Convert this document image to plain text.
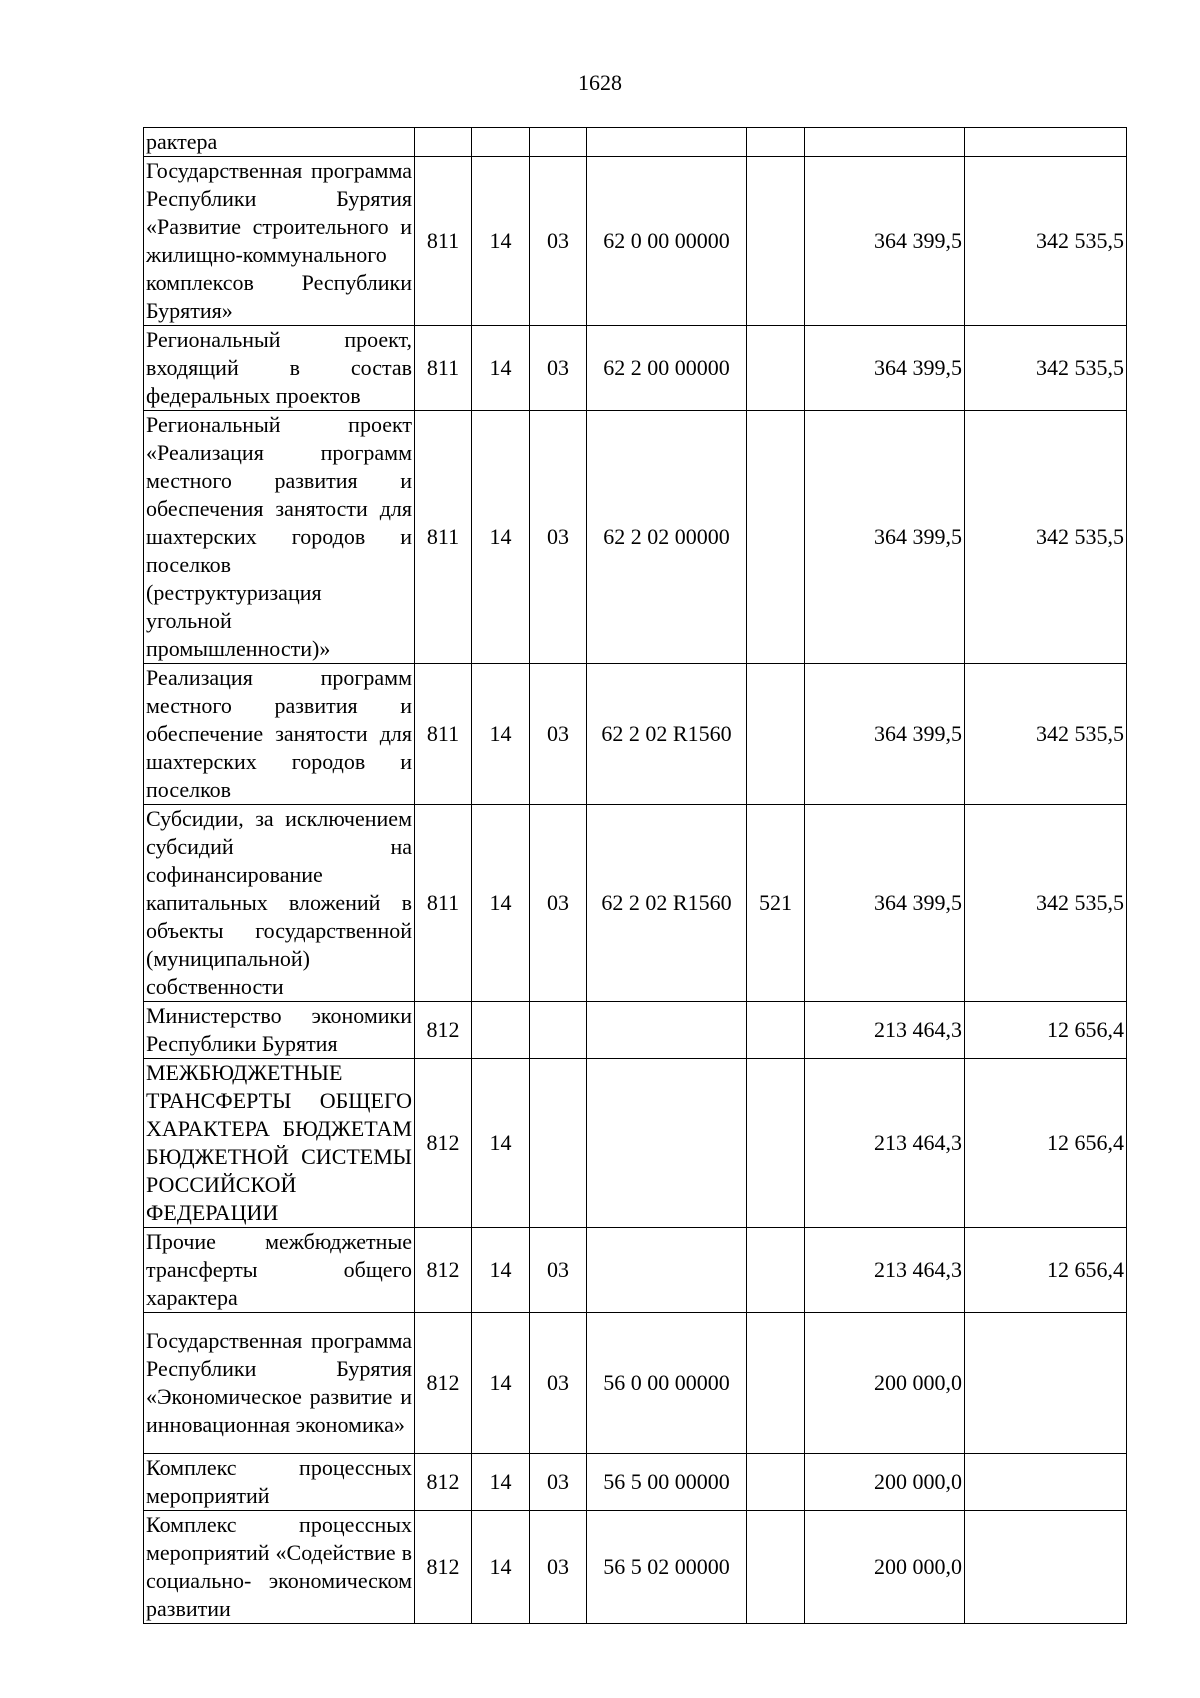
1628
рактера							
Государственная программа Республики Бурятия «Развитие строительного и жилищно-коммунального комплексов Республики Бурятия»	811	14	03	62 0 00 00000		364 399,5	342 535,5
Региональный проект, входящий в состав федеральных проектов	811	14	03	62 2 00 00000		364 399,5	342 535,5
Региональный проект «Реализация программ местного развития и обеспечения занятости для шахтерских городов и поселков (реструктуризация угольной промышленности)»	811	14	03	62 2 02 00000		364 399,5	342 535,5
Реализация программ местного развития и обеспечение занятости для шахтерских городов и поселков	811	14	03	62 2 02 R1560		364 399,5	342 535,5
Субсидии, за исключением субсидий на софинансирование капитальных вложений в объекты государственной (муниципальной) собственности	811	14	03	62 2 02 R1560	521	364 399,5	342 535,5
Министерство экономики Республики Бурятия	812					213 464,3	12 656,4
МЕЖБЮДЖЕТНЫЕ ТРАНСФЕРТЫ ОБЩЕГО ХАРАКТЕРА БЮДЖЕТАМ БЮДЖЕТНОЙ СИСТЕМЫ РОССИЙСКОЙ ФЕДЕРАЦИИ	812	14				213 464,3	12 656,4
Прочие межбюджетные трансферты общего характера	812	14	03			213 464,3	12 656,4
Государственная программа Республики Бурятия «Экономическое развитие и инновационная экономика»	812	14	03	56 0 00 00000		200 000,0	
Комплекс процессных мероприятий	812	14	03	56 5 00 00000		200 000,0	
Комплекс процессных мероприятий «Содействие в социально- экономическом развитии	812	14	03	56 5 02 00000		200 000,0	
